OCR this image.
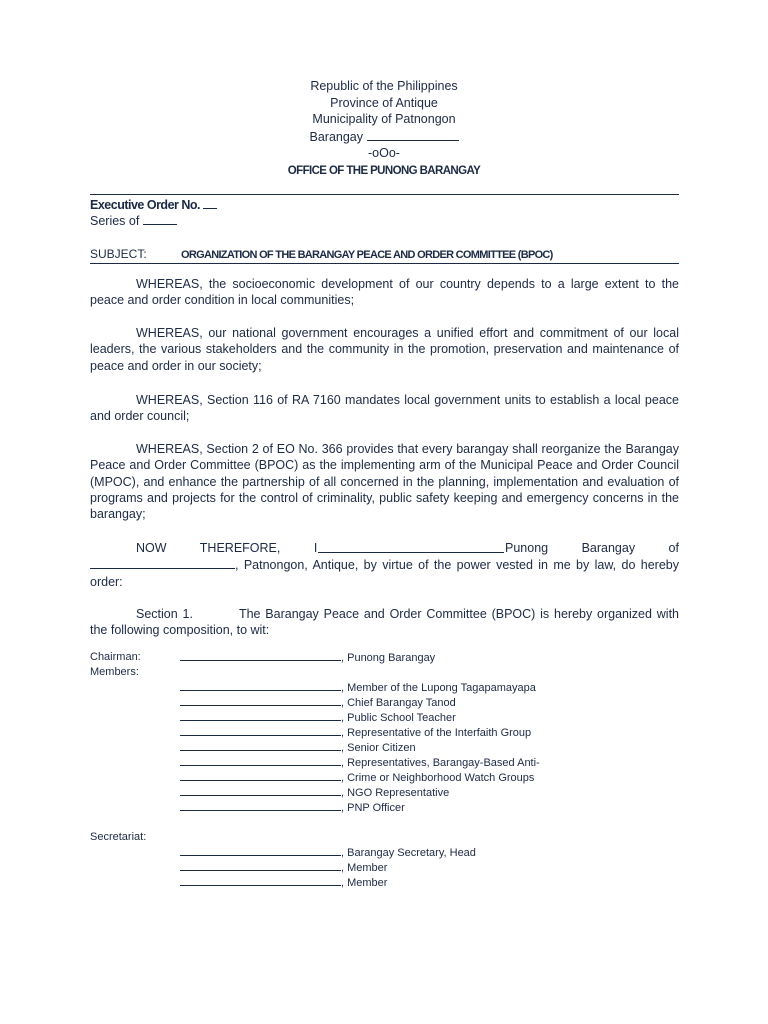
Republic of the Philippines
Province of Antique
Municipality of Patnongon
Barangay
-oOo-
OFFICE OF THE PUNONG BARANGAY
Executive Order No.
Series of
SUBJECT:	ORGANIZATION OF THE BARANGAY PEACE AND ORDER COMMITTEE (BPOC)
WHEREAS, the socioeconomic development of our country depends to a large extent to the peace and order condition in local communities;
WHEREAS, our national government encourages a unified effort and commitment of our local leaders, the various stakeholders and the community in the promotion, preservation and maintenance of peace and order in our society;
WHEREAS, Section 116 of RA 7160 mandates local government units to establish a local peace and order council;
WHEREAS, Section 2 of EO No. 366 provides that every barangay shall reorganize the Barangay Peace and Order Committee (BPOC) as the implementing arm of the Municipal Peace and Order Council (MPOC), and enhance the partnership of all concerned in the planning, implementation and evaluation of programs and projects for the control of criminality, public safety keeping and emergency concerns in the barangay;
NOW THEREFORE, I	Punong Barangay of
, Patnongon, Antique, by virtue of the power vested in me by law, do hereby order:
Section 1.	The Barangay Peace and Order Committee (BPOC) is hereby organized with the following composition, to wit:
Chairman:	, Punong Barangay
Members:
, Member of the Lupong Tagapamayapa
, Chief Barangay Tanod
, Public School Teacher
, Representative of the Interfaith Group
, Senior Citizen
, Representatives, Barangay-Based Anti-
, Crime or Neighborhood Watch Groups
, NGO Representative
, PNP Officer
Secretariat:
, Barangay Secretary, Head
, Member
, Member
